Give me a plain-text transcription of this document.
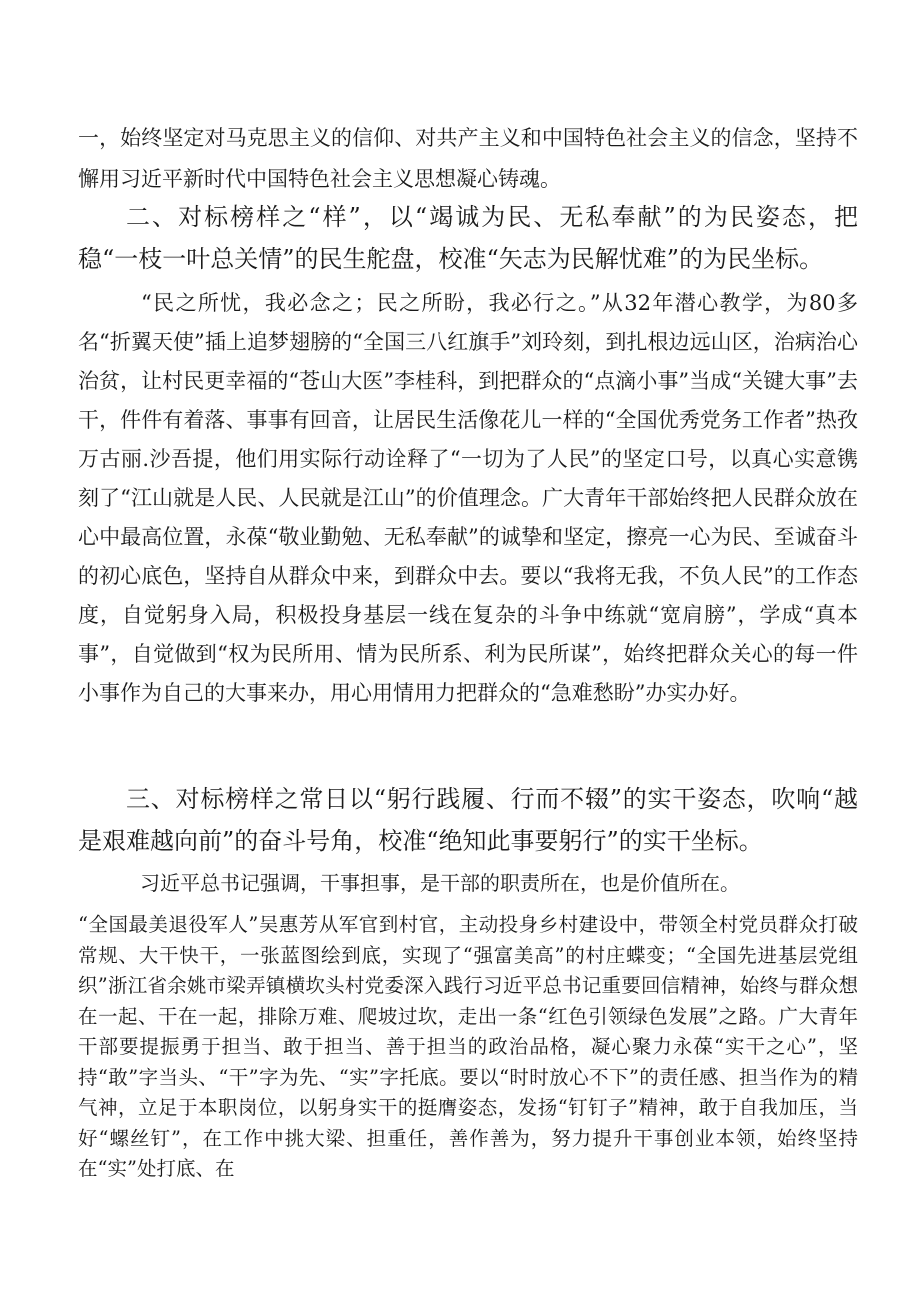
一，始终坚定对马克思主义的信仰、对共产主义和中国特色社会主义的信念，坚持不懈用习近平新时代中国特色社会主义思想凝心铸魂。

二、对标榜样之“样”，以“竭诚为民、无私奉献”的为民姿态，把稳“一枝一叶总关情”的民生舵盘，校准“矢志为民解忧难”的为民坐标。

“民之所忧，我必念之；民之所盼，我必行之。”从32年潜心教学，为80多名“折翼天使”插上追梦翅膀的“全国三八红旗手”刘玲刻，到扎根边远山区，治病治心治贫，让村民更幸福的“苍山大医”李桂科，到把群众的“点滴小事”当成“关键大事”去干，件件有着落、事事有回音，让居民生活像花儿一样的“全国优秀党务工作者”热孜万古丽.沙吾提，他们用实际行动诠释了“一切为了人民”的坚定口号，以真心实意镌刻了“江山就是人民、人民就是江山”的价值理念。广大青年干部始终把人民群众放在心中最高位置，永葆“敬业勤勉、无私奉献”的诚挚和坚定，擦亮一心为民、至诚奋斗的初心底色，坚持自从群众中来，到群众中去。要以“我将无我，不负人民”的工作态度，自觉躬身入局，积极投身基层一线在复杂的斗争中练就“宽肩膀”，学成“真本事”，自觉做到“权为民所用、情为民所系、利为民所谋”，始终把群众关心的每一件小事作为自己的大事来办，用心用情用力把群众的“急难愁盼”办实办好。

三、对标榜样之常日以“躬行践履、行而不辍”的实干姿态，吹响“越是艰难越向前”的奋斗号角，校准“绝知此事要躬行”的实干坐标。

习近平总书记强调，干事担事，是干部的职责所在，也是价值所在。

“全国最美退役军人”吴惠芳从军官到村官，主动投身乡村建设中，带领全村党员群众打破常规、大干快干，一张蓝图绘到底，实现了“强富美高”的村庄蝶变；“全国先进基层党组织”浙江省余姚市梁弄镇横坎头村党委深入践行习近平总书记重要回信精神，始终与群众想在一起、干在一起，排除万难、爬坡过坎，走出一条“红色引领绿色发展”之路。广大青年干部要提振勇于担当、敢于担当、善于担当的政治品格，凝心聚力永葆“实干之心”，坚持“敢”字当头、“干”字为先、“实”字托底。要以“时时放心不下”的责任感、担当作为的精气神，立足于本职岗位，以躬身实干的挺膺姿态，发扬“钉钉子”精神，敢于自我加压，当好“螺丝钉”，在工作中挑大梁、担重任，善作善为，努力提升干事创业本领，始终坚持在“实”处打底、在
